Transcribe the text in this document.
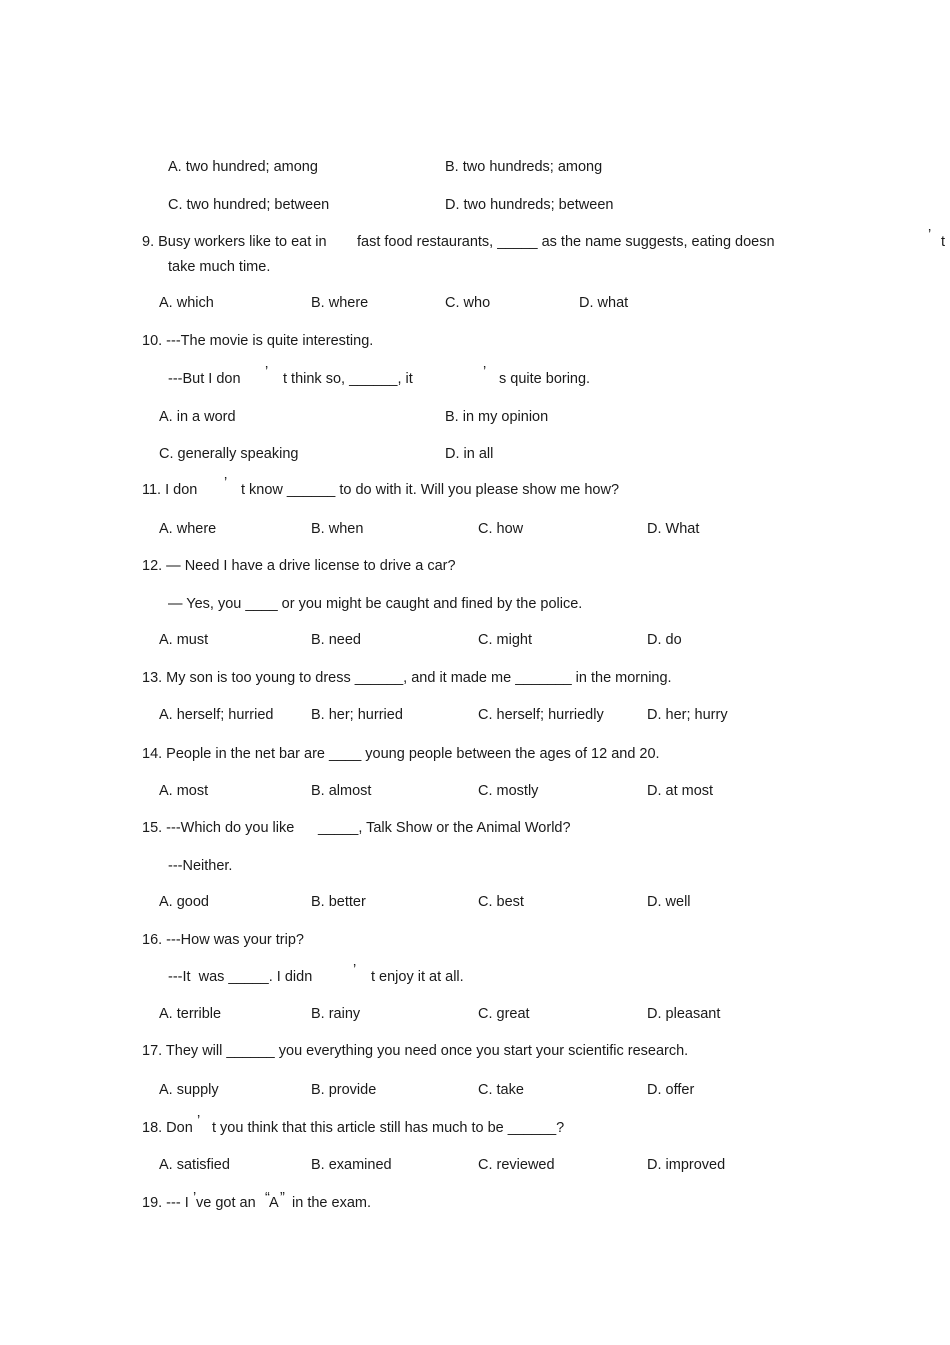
A. two hundred; among	B. two hundreds; among
C. two hundred; between	D. two hundreds; between
9. Busy workers like to eat in fast food restaurants, _____ as the name suggests, eating doesn	’ t
take much time.
A. which	B. where	C. who	D. what
10. ---The movie is quite interesting.
---But I don ’ t think so, ______, it	’ s quite boring.
A. in a word	B. in my opinion
C. generally speaking	D. in all
11. I don ’ t know ______ to do with it. Will you please show me how?
A. where	B. when	C. how	D. What
12. — Need I have a drive license to drive a car?
— Yes, you ____ or you might be caught and fined by the police.
A. must	B. need	C. might	D. do
13. My son is too young to dress ______, and it made me _______ in the morning.
A. herself; hurried	B. her; hurried	C. herself; hurriedly	D. her; hurry
14. People in the net bar are ____ young people between the ages of 12 and 20.
A. most	B. almost	C. mostly	D. at most
15. ---Which do you like _____, Talk Show or the Animal World?
---Neither.
A. good	B. better	C. best	D. well
16. ---How was your trip?
---It  was _____. I didn	’ t enjoy it at all.
A. terrible	B. rainy	C. great	D. pleasant
17. They will ______ you everything you need once you start your scientific research.
A. supply	B. provide	C. take	D. offer
18. Don ’ t you think that this article still has much to be ______?
A. satisfied	B. examined	C. reviewed	D. improved
19. --- I ’ ve got an “ A ” in the exam.
